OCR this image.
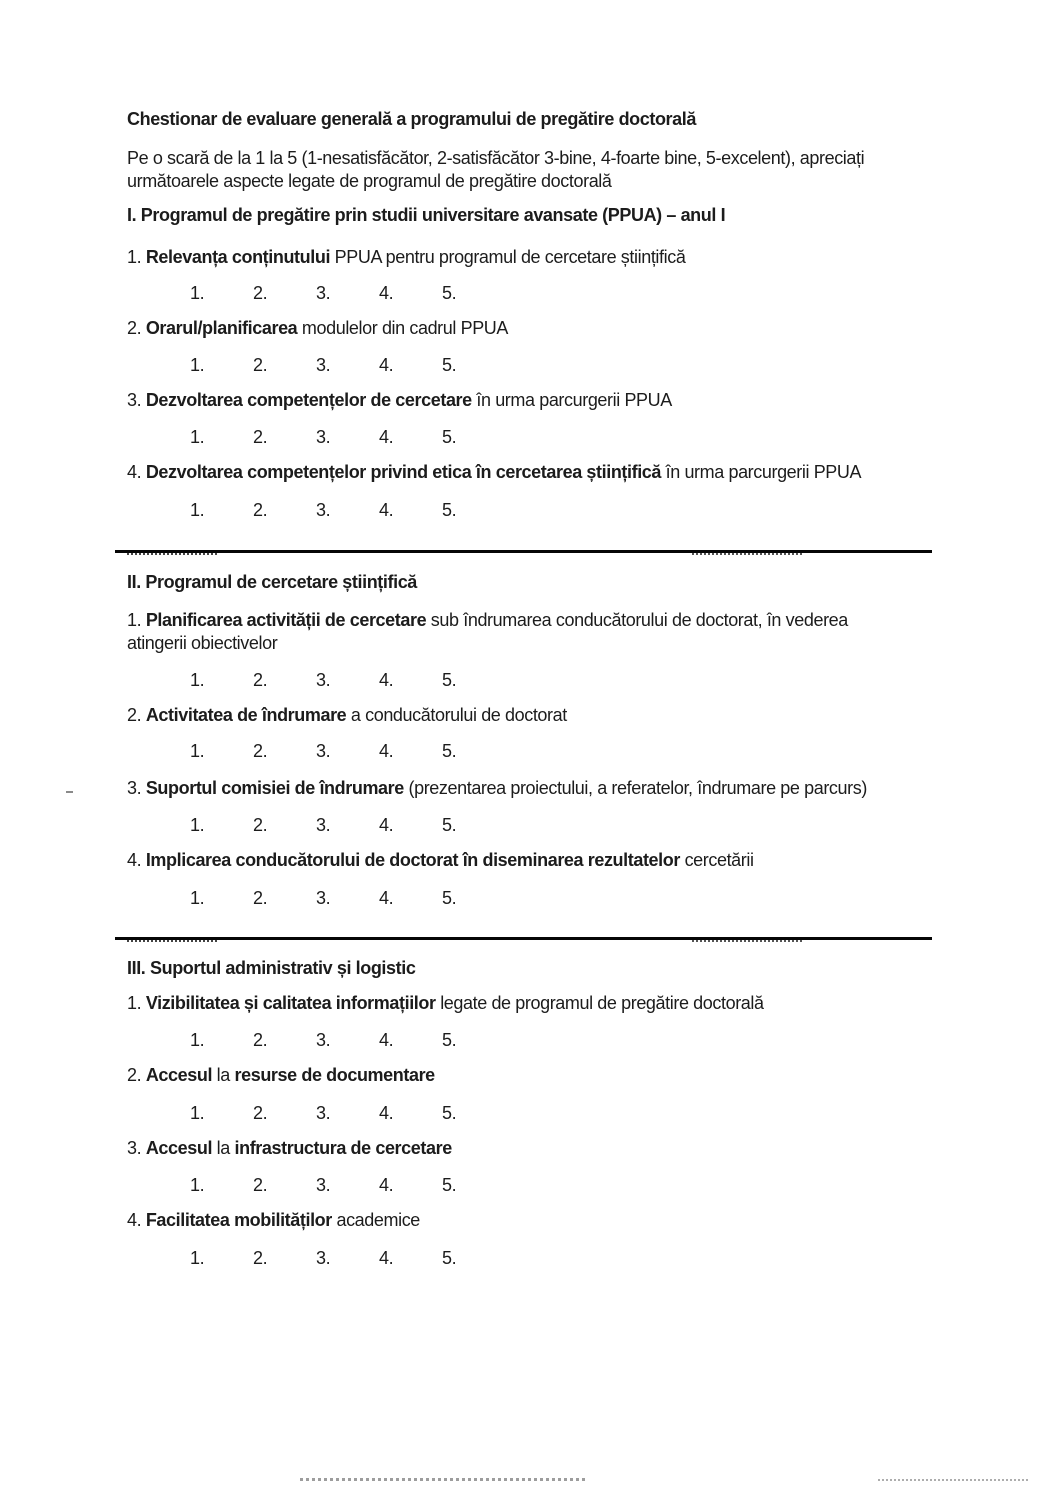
Chestionar de evaluare generală a programului de pregătire doctorală

Pe o scară de la 1 la 5 (1-nesatisfăcător, 2-satisfăcător 3-bine, 4-foarte bine, 5-excelent), apreciați
următoarele aspecte legate de programul de pregătire doctorală

I. Programul de pregătire prin studii universitare avansate (PPUA) – anul I

1. Relevanța conținutului PPUA pentru programul de cercetare științifică

1.	2.	3.	4.	5.

2. Orarul/planificarea modulelor din cadrul PPUA

1.	2.	3.	4.	5.

3. Dezvoltarea competențelor de cercetare în urma parcurgerii PPUA

1.	2.	3.	4.	5.

4. Dezvoltarea competențelor privind etica în cercetarea științifică în urma parcurgerii PPUA

1.	2.	3.	4.	5.
II. Programul de cercetare științifică

1. Planificarea activității de cercetare sub îndrumarea conducătorului de doctorat, în vederea
atingerii obiectivelor

1.	2.	3.	4.	5.

2. Activitatea de îndrumare a conducătorului de doctorat

1.	2.	3.	4.	5.

3. Suportul comisiei de îndrumare (prezentarea proiectului, a referatelor, îndrumare pe parcurs)

1.	2.	3.	4.	5.

4. Implicarea conducătorului de doctorat în diseminarea rezultatelor cercetării

1.	2.	3.	4.	5.
III. Suportul administrativ și logistic

1. Vizibilitatea și calitatea informațiilor legate de programul de pregătire doctorală

1.	2.	3.	4.	5.

2. Accesul la resurse de documentare

1.	2.	3.	4.	5.

3. Accesul la infrastructura de cercetare

1.	2.	3.	4.	5.

4. Facilitatea mobilităților academice

1.	2.	3.	4.	5.
